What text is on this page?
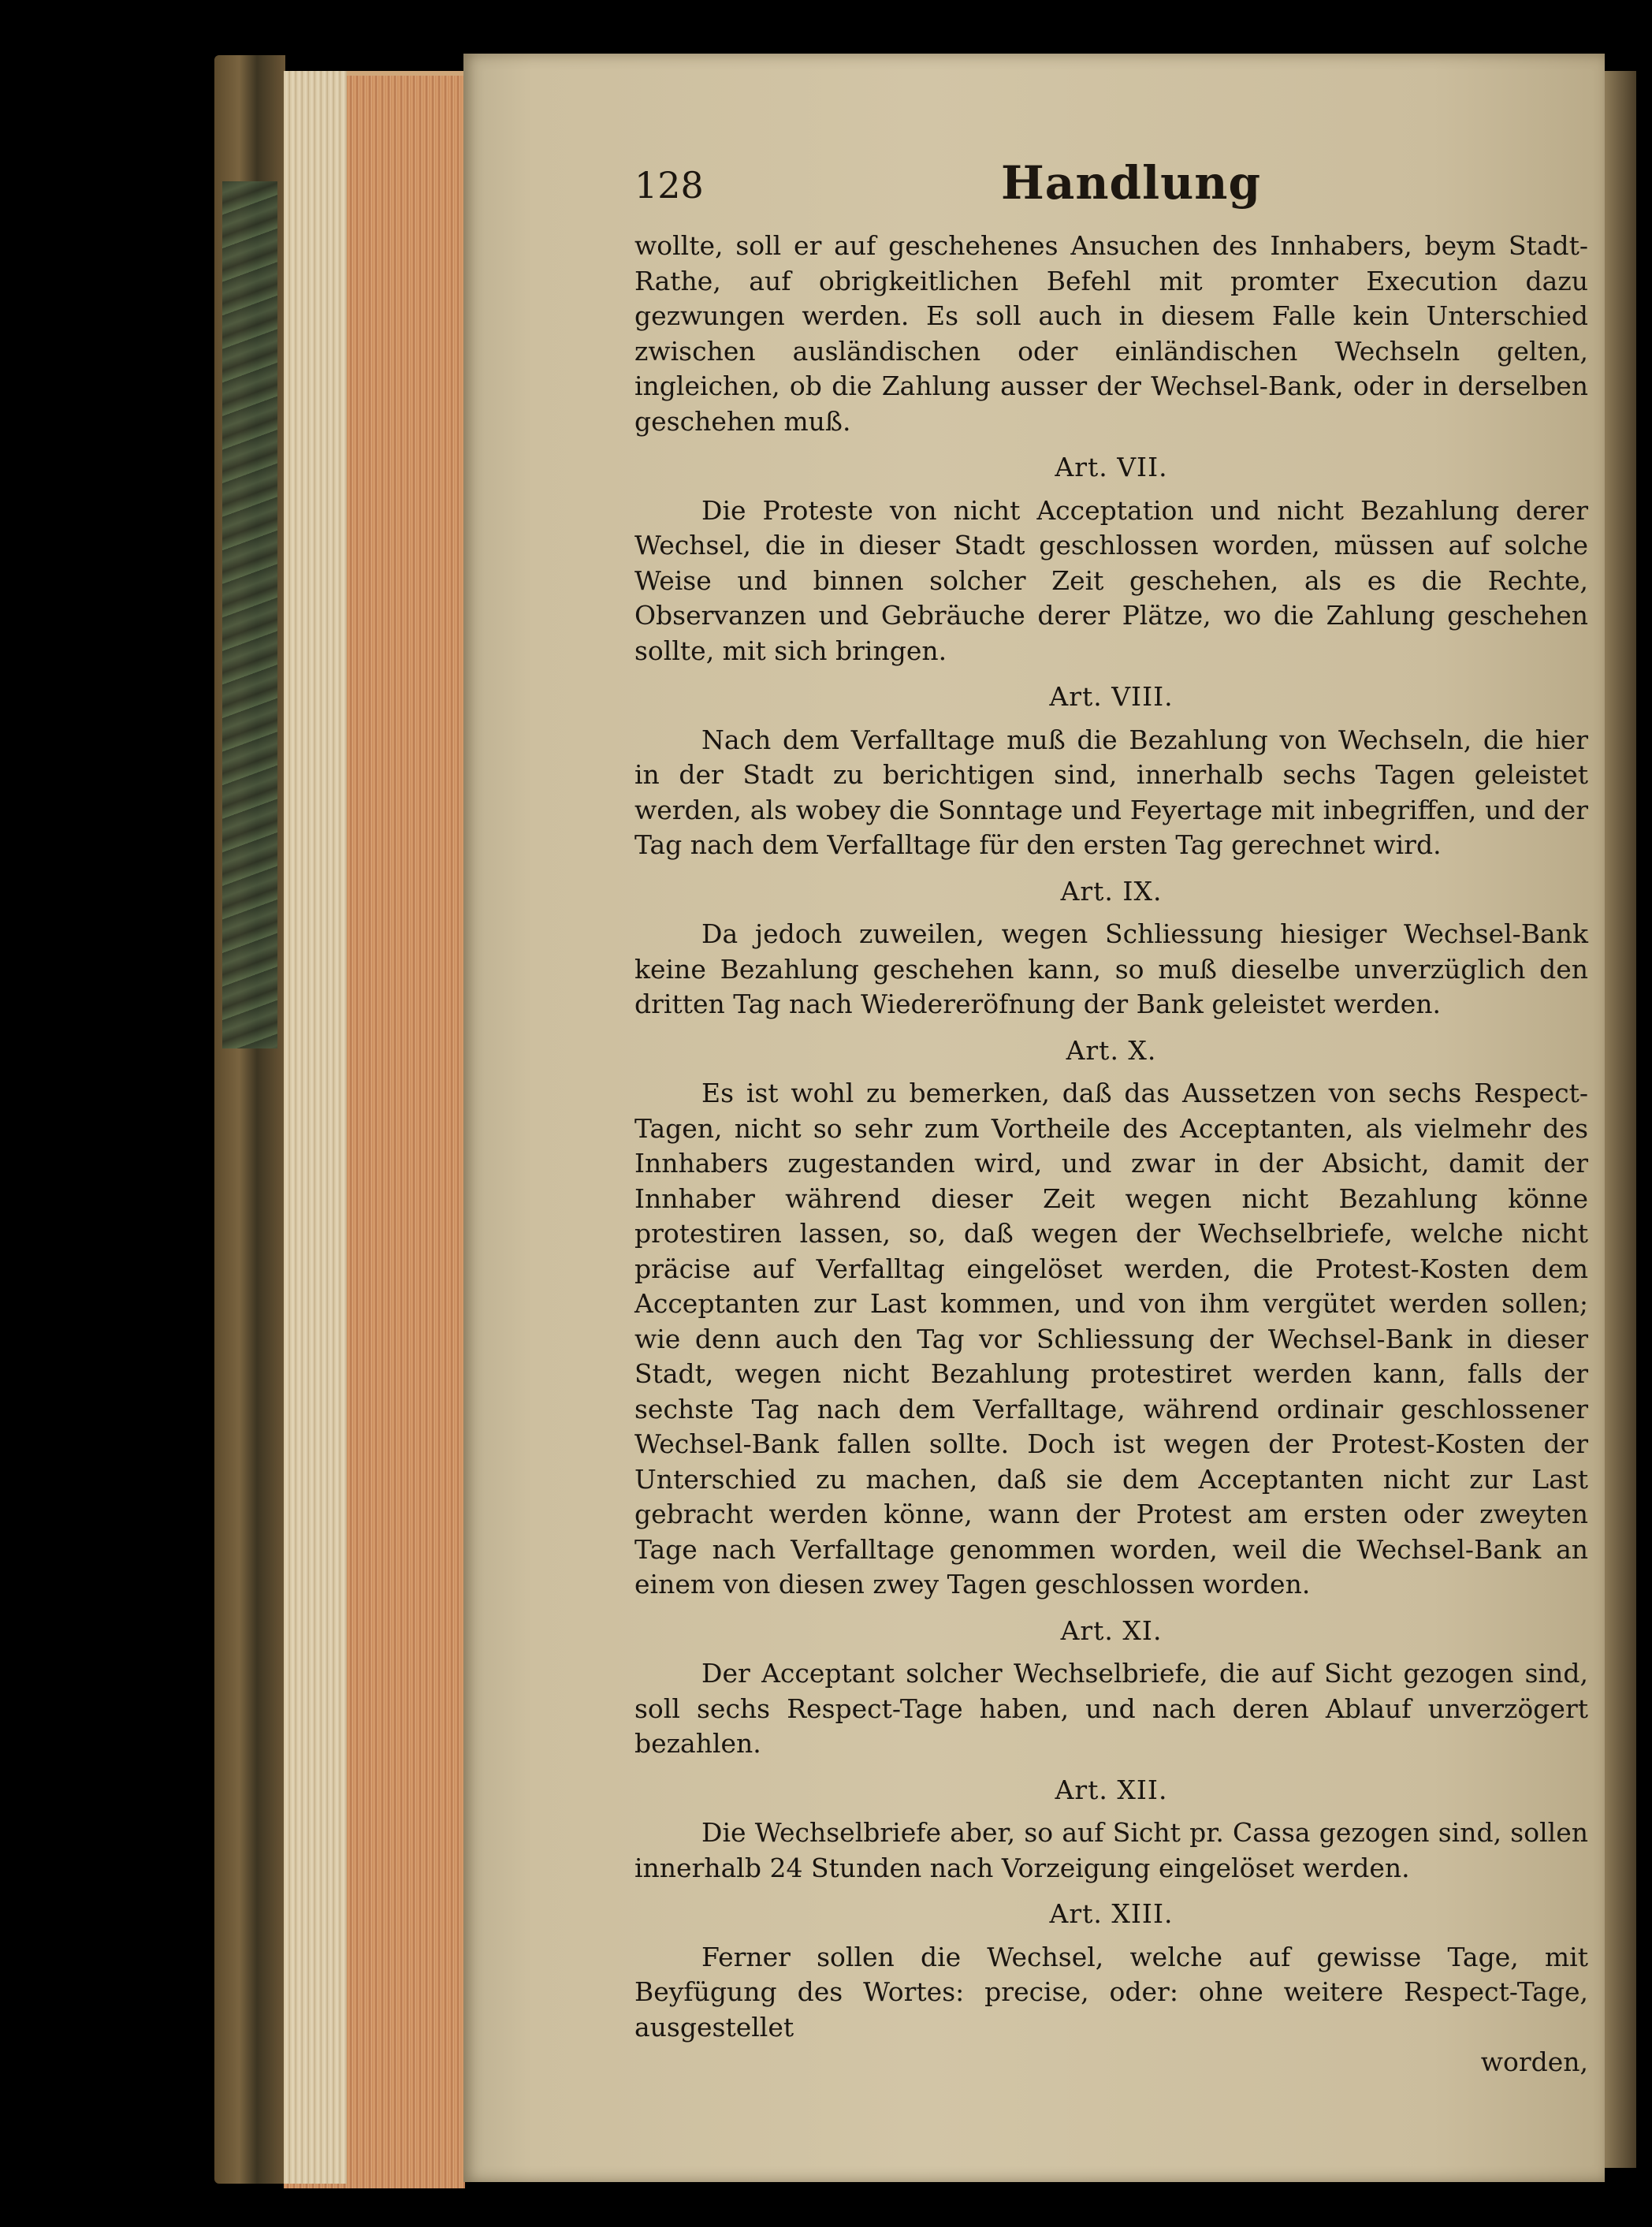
128	Handlung

wollte, soll er auf geschehenes Ansuchen des Innhabers, beym Stadt-Rathe, auf obrigkeitlichen Befehl mit promter Execution dazu gezwungen werden. Es soll auch in diesem Falle kein Unterschied zwischen ausländischen oder einländischen Wechseln gelten, ingleichen, ob die Zahlung ausser der Wechsel-Bank, oder in derselben geschehen muß.

Art. VII.

Die Proteste von nicht Acceptation und nicht Bezahlung derer Wechsel, die in dieser Stadt geschlossen worden, müssen auf solche Weise und binnen solcher Zeit geschehen, als es die Rechte, Observanzen und Gebräuche derer Plätze, wo die Zahlung geschehen sollte, mit sich bringen.

Art. VIII.

Nach dem Verfalltage muß die Bezahlung von Wechseln, die hier in der Stadt zu berichtigen sind, innerhalb sechs Tagen geleistet werden, als wobey die Sonntage und Feyertage mit inbegriffen, und der Tag nach dem Verfalltage für den ersten Tag gerechnet wird.

Art. IX.

Da jedoch zuweilen, wegen Schliessung hiesiger Wechsel-Bank keine Bezahlung geschehen kann, so muß dieselbe unverzüglich den dritten Tag nach Wiedereröfnung der Bank geleistet werden.

Art. X.

Es ist wohl zu bemerken, daß das Aussetzen von sechs Respect-Tagen, nicht so sehr zum Vortheile des Acceptanten, als vielmehr des Innhabers zugestanden wird, und zwar in der Absicht, damit der Innhaber während dieser Zeit wegen nicht Bezahlung könne protestiren lassen, so, daß wegen der Wechselbriefe, welche nicht präcise auf Verfalltag eingelöset werden, die Protest-Kosten dem Acceptanten zur Last kommen, und von ihm vergütet werden sollen; wie denn auch den Tag vor Schliessung der Wechsel-Bank in dieser Stadt, wegen nicht Bezahlung protestiret werden kann, falls der sechste Tag nach dem Verfalltage, während ordinair geschlossener Wechsel-Bank fallen sollte. Doch ist wegen der Protest-Kosten der Unterschied zu machen, daß sie dem Acceptanten nicht zur Last gebracht werden könne, wann der Protest am ersten oder zweyten Tage nach Verfalltage genommen worden, weil die Wechsel-Bank an einem von diesen zwey Tagen geschlossen worden.

Art. XI.

Der Acceptant solcher Wechselbriefe, die auf Sicht gezogen sind, soll sechs Respect-Tage haben, und nach deren Ablauf unverzögert bezahlen.

Art. XII.

Die Wechselbriefe aber, so auf Sicht pr. Cassa gezogen sind, sollen innerhalb 24 Stunden nach Vorzeigung eingelöset werden.

Art. XIII.

Ferner sollen die Wechsel, welche auf gewisse Tage, mit Beyfügung des Wortes: precise, oder: ohne weitere Respect-Tage, ausgestellet

worden,
